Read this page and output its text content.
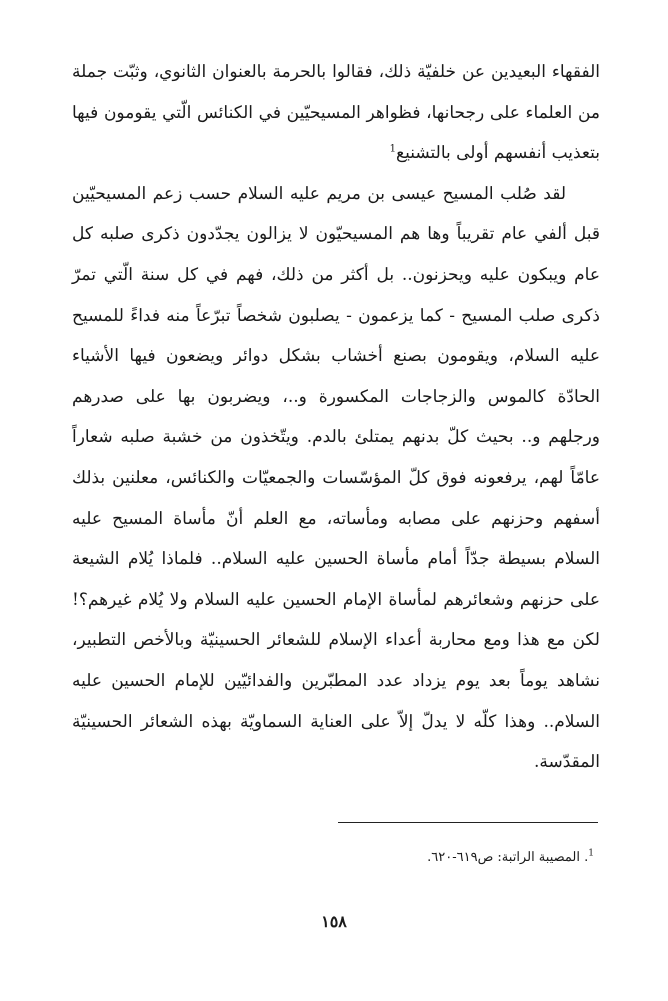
الفقهاء البعيدين عن خلفيّة ذلك، فقالوا بالحرمة بالعنوان الثانوي، وثبّت جملة من العلماء على رجحانها، فظواهر المسيحيّين في الكنائس الّتي يقومون فيها بتعذيب أنفسهم أولى بالتشنيع$^1$

لقد صُلب المسيح عيسى بن مريم عليه السلام حسب زعم المسيحيّين قبل ألفي عام تقريباً وها هم المسيحيّون لا يزالون يجدّدون ذكرى صلبه كل عام ويبكون عليه ويحزنون.. بل أكثر من ذلك، فهم في كل سنة الّتي تمرّ ذكرى صلب المسيح - كما يزعمون - يصلبون شخصاً تبرّعاً منه فداءً للمسيح عليه السلام، ويقومون بصنع أخشاب بشكل دوائر ويضعون فيها الأشياء الحادّة كالموس والزجاجات المكسورة و..، ويضربون بها على صدرهم ورجلهم و.. بحيث كلّ بدنهم يمتلئ بالدم. ويتّخذون من خشبة صلبه شعاراً عامّاً لهم، يرفعونه فوق كلّ المؤسّسات والجمعيّات والكنائس، معلنين بذلك أسفهم وحزنهم على مصابه ومأساته، مع العلم أنّ مأساة المسيح عليه السلام بسيطة جدّاً أمام مأساة الحسين عليه السلام.. فلماذا يُلام الشيعة على حزنهم وشعائرهم لمأساة الإمام الحسين عليه السلام ولا يُلام غيرهم؟! لكن مع هذا ومع محاربة أعداء الإسلام للشعائر الحسينيّة وبالأخص التطبير، نشاهد يوماً بعد يوم يزداد عدد المطبّرين والفدائيّين للإمام الحسين عليه السلام.. وهذا كلّه لا يدلّ إلاّ على العناية السماويّة بهذه الشعائر الحسينيّة المقدّسة.

$^1$. المصيبة الراتبة: ص٦١٩-٦٢٠.
١٥٨
